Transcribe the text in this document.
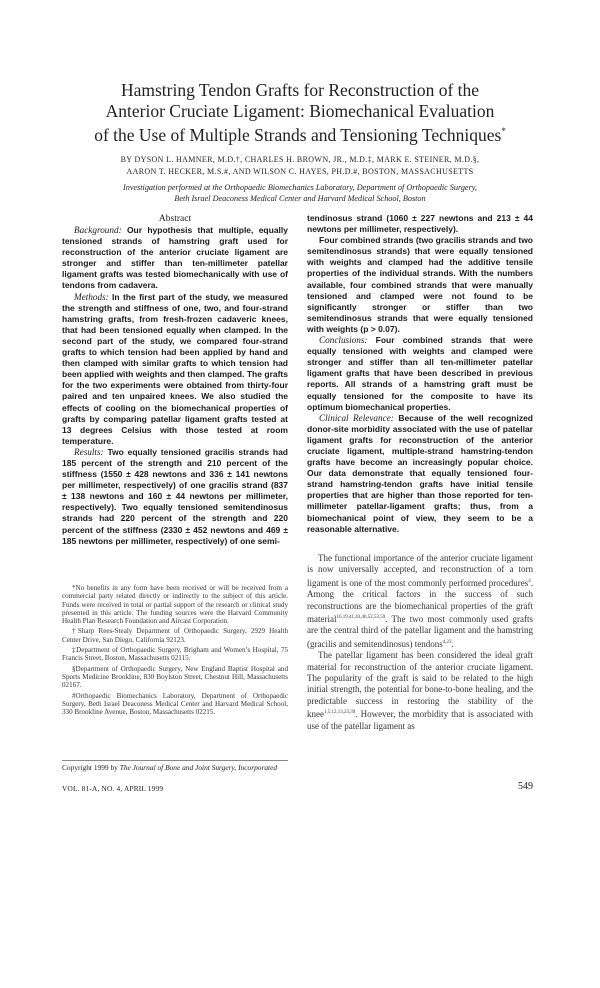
Hamstring Tendon Grafts for Reconstruction of the
Anterior Cruciate Ligament: Biomechanical Evaluation
of the Use of Multiple Strands and Tensioning Techniques*
BY DYSON L. HAMNER, M.D.†, CHARLES H. BROWN, JR., M.D.‡, MARK E. STEINER, M.D.§,
AARON T. HECKER, M.S.#, AND WILSON C. HAYES, PH.D.#, BOSTON, MASSACHUSETTS
Investigation performed at the Orthopaedic Biomechanics Laboratory, Department of Orthopaedic Surgery,
Beth Israel Deaconess Medical Center and Harvard Medical School, Boston
Abstract

Background: Our hypothesis that multiple, equally tensioned strands of hamstring graft used for reconstruction of the anterior cruciate ligament are stronger and stiffer than ten-millimeter patellar ligament grafts was tested biomechanically with use of tendons from cadavera.

Methods: In the first part of the study, we measured the strength and stiffness of one, two, and four-strand hamstring grafts, from fresh-frozen cadaveric knees, that had been tensioned equally when clamped. In the second part of the study, we compared four-strand grafts to which tension had been applied by hand and then clamped with similar grafts to which tension had been applied with weights and then clamped. The grafts for the two experiments were obtained from thirty-four paired and ten unpaired knees. We also studied the effects of cooling on the biomechanical properties of grafts by comparing patellar ligament grafts tested at 13 degrees Celsius with those tested at room temperature.

Results: Two equally tensioned gracilis strands had 185 percent of the strength and 210 percent of the stiffness (1550 ± 428 newtons and 336 ± 141 newtons per millimeter, respectively) of one gracilis strand (837 ± 138 newtons and 160 ± 44 newtons per millimeter, respectively). Two equally tensioned semitendinosus strands had 220 percent of the strength and 220 percent of the stiffness (2330 ± 452 newtons and 469 ± 185 newtons per millimeter, respectively) of one semi-

tendinosus strand (1060 ± 227 newtons and 213 ± 44 newtons per millimeter, respectively).

Four combined strands (two gracilis strands and two semitendinosus strands) that were equally tensioned with weights and clamped had the additive tensile properties of the individual strands. With the numbers available, four combined strands that were manually tensioned and clamped were not found to be significantly stronger or stiffer than two semitendinosus strands that were equally tensioned with weights (p > 0.07).

Conclusions: Four combined strands that were equally tensioned with weights and clamped were stronger and stiffer than all ten-millimeter patellar ligament grafts that have been described in previous reports. All strands of a hamstring graft must be equally tensioned for the composite to have its optimum biomechanical properties.

Clinical Relevance: Because of the well recognized donor-site morbidity associated with the use of patellar ligament grafts for reconstruction of the anterior cruciate ligament, multiple-strand hamstring-tendon grafts have become an increasingly popular choice. Our data demonstrate that equally tensioned four-strand hamstring-tendon grafts have initial tensile properties that are higher than those reported for ten-millimeter patellar-ligament grafts; thus, from a biomechanical point of view, they seem to be a reasonable alternative.

The functional importance of the anterior cruciate ligament is now universally accepted, and reconstruction of a torn ligament is one of the most commonly performed procedures$^4$. Among the critical factors in the success of such reconstructions are the biomechanical properties of the graft material$^{16,19,41,43,46,52,53,59}$. The two most commonly used grafts are the central third of the patellar ligament and the hamstring (gracilis and semitendinosus) tendons$^{4,23}$.

The patellar ligament has been considered the ideal graft material for reconstruction of the anterior cruciate ligament. The popularity of the graft is said to be related to the high initial strength, the potential for bone-to-bone healing, and the predictable success in restoring the stability of the knee$^{1,5,12,13,23,39}$. However, the morbidity that is associated with use of the patellar ligament as

*No benefits in any form have been received or will be received from a commercial party related directly or indirectly to the subject of this article. Funds were received in total or partial support of the research or clinical study presented in this article. The funding sources were the Harvard Community Health Plan Research Foundation and Aircast Corporation.

†Sharp Rees-Stealy Department of Orthopaedic Surgery, 2929 Health Center Drive, San Diego, California 92123.

‡Department of Orthopaedic Surgery, Brigham and Women’s Hospital, 75 Francis Street, Boston, Massachusetts 02115.

§Department of Orthopaedic Surgery, New England Baptist Hospital and Sports Medicine Brookline, 830 Boylston Street, Chestnut Hill, Massachusetts 02167.

#Orthopaedic Biomechanics Laboratory, Department of Orthopaedic Surgery, Beth Israel Deaconess Medical Center and Harvard Medical School, 330 Brookline Avenue, Boston, Massachusetts 02215.

Copyright 1999 by The Journal of Bone and Joint Surgery, Incorporated
VOL. 81-A, NO. 4, APRIL 1999	549
